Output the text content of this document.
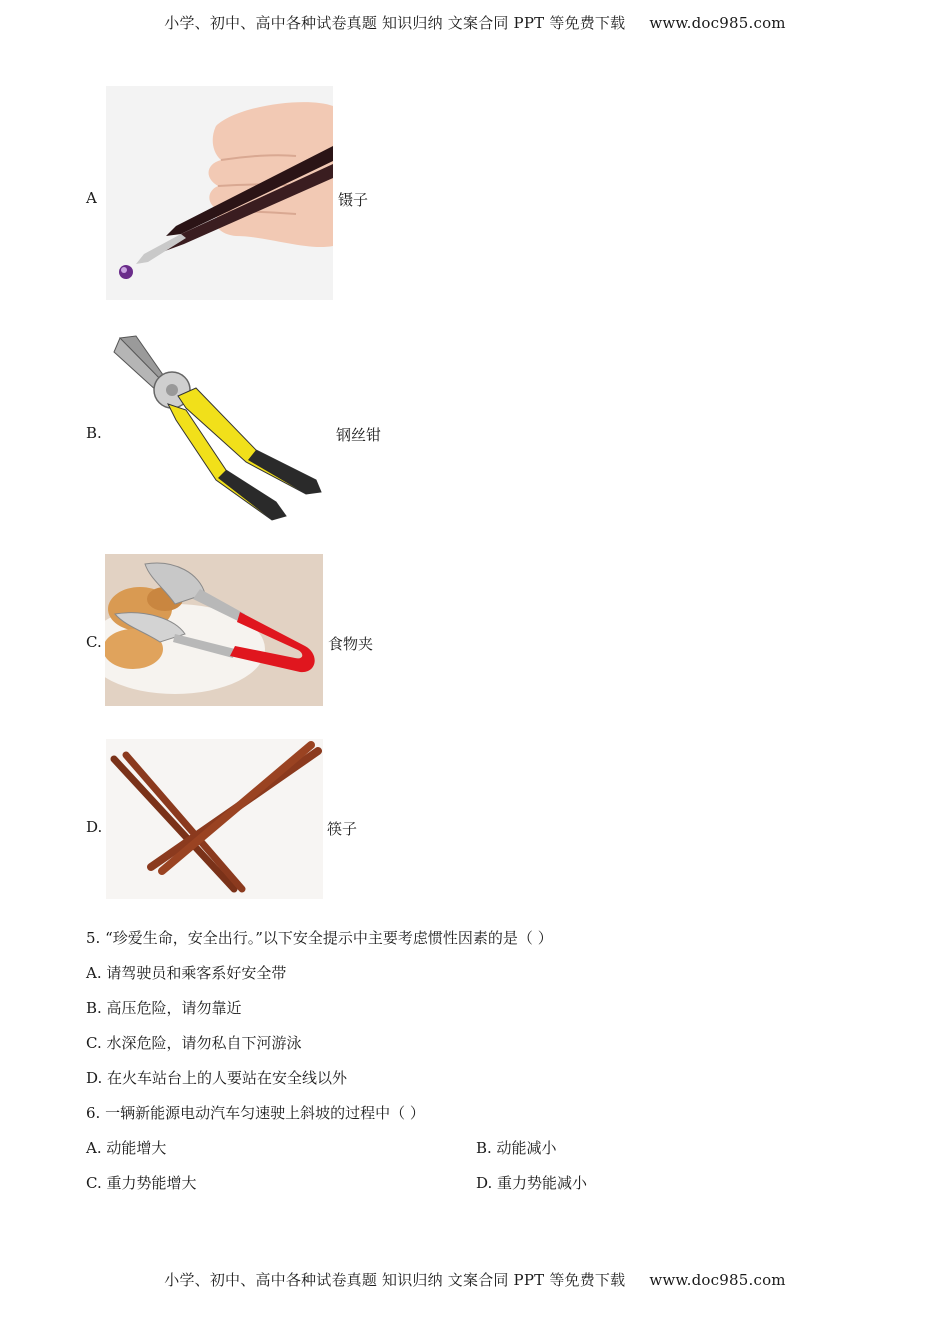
小学、初中、高中各种试卷真题 知识归纳 文案合同 PPT 等免费下载 www.doc985.com
A	镊子
B.	钢丝钳
C.	食物夹
D.	筷子
5. “珍爱生命，安全出行。”以下安全提示中主要考虑惯性因素的是（ ）
A. 请驾驶员和乘客系好安全带
B. 高压危险，请勿靠近
C. 水深危险，请勿私自下河游泳
D. 在火车站台上的人要站在安全线以外
6. 一辆新能源电动汽车匀速驶上斜坡的过程中（ ）
A. 动能增大	B. 动能减小
C. 重力势能增大	D. 重力势能减小
小学、初中、高中各种试卷真题 知识归纳 文案合同 PPT 等免费下载 www.doc985.com
